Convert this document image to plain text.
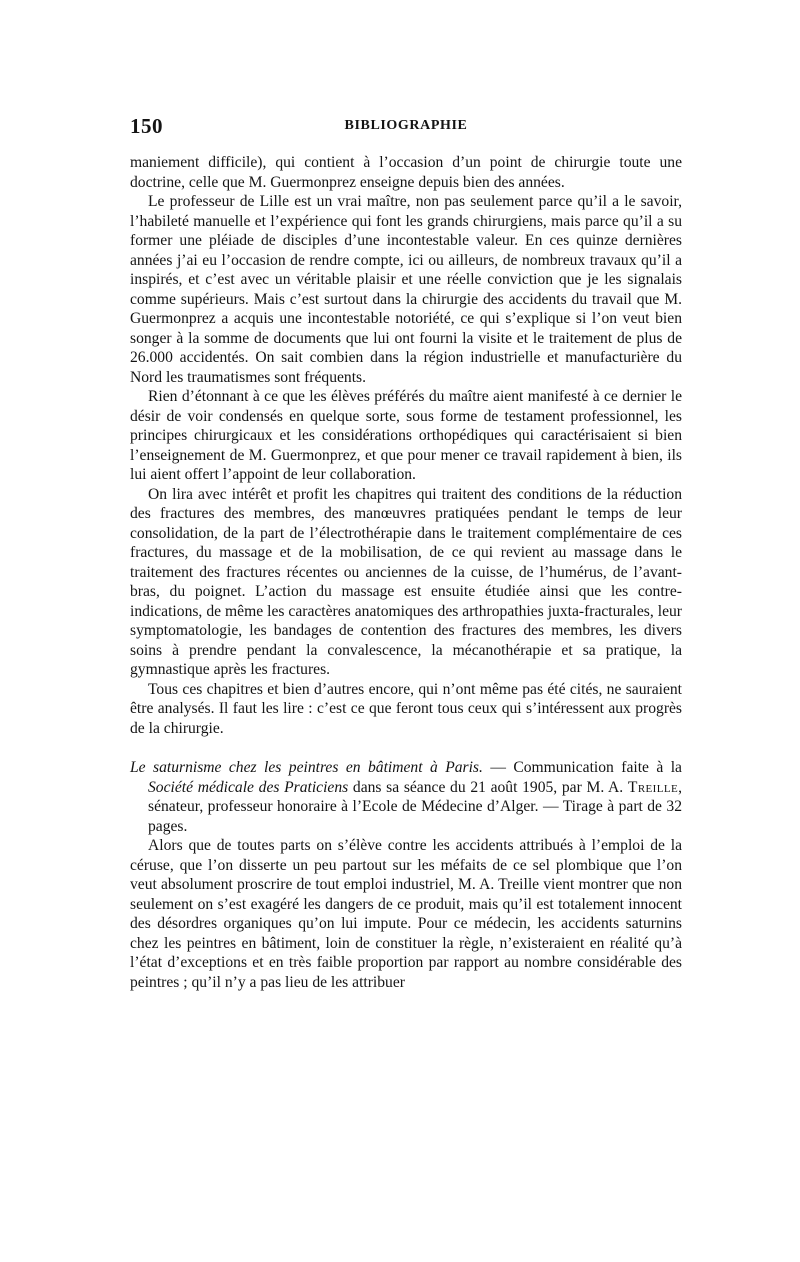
150	BIBLIOGRAPHIE

maniement difficile), qui contient à l’occasion d’un point de chirurgie toute une doctrine, celle que M. Guermonprez enseigne depuis bien des années.

Le professeur de Lille est un vrai maître, non pas seulement parce qu’il a le savoir, l’habileté manuelle et l’expérience qui font les grands chirurgiens, mais parce qu’il a su former une pléiade de disciples d’une incontestable valeur. En ces quinze dernières années j’ai eu l’occasion de rendre compte, ici ou ailleurs, de nombreux travaux qu’il a inspirés, et c’est avec un véritable plaisir et une réelle conviction que je les signalais comme supérieurs. Mais c’est surtout dans la chirurgie des accidents du travail que M. Guermonprez a acquis une incontestable notoriété, ce qui s’explique si l’on veut bien songer à la somme de documents que lui ont fourni la visite et le traitement de plus de 26.000 accidentés. On sait combien dans la région industrielle et manufacturière du Nord les traumatismes sont fréquents.

Rien d’étonnant à ce que les élèves préférés du maître aient manifesté à ce dernier le désir de voir condensés en quelque sorte, sous forme de testament professionnel, les principes chirurgicaux et les considérations orthopédiques qui caractérisaient si bien l’enseignement de M. Guermonprez, et que pour mener ce travail rapidement à bien, ils lui aient offert l’appoint de leur collaboration.

On lira avec intérêt et profit les chapitres qui traitent des conditions de la réduction des fractures des membres, des manœuvres pratiquées pendant le temps de leur consolidation, de la part de l’électrothérapie dans le traitement complémentaire de ces fractures, du massage et de la mobilisation, de ce qui revient au massage dans le traitement des fractures récentes ou anciennes de la cuisse, de l’humérus, de l’avant-bras, du poignet. L’action du massage est ensuite étudiée ainsi que les contre-indications, de même les caractères anatomiques des arthropathies juxta-fracturales, leur symptomatologie, les bandages de contention des fractures des membres, les divers soins à prendre pendant la convalescence, la mécanothérapie et sa pratique, la gymnastique après les fractures.

Tous ces chapitres et bien d’autres encore, qui n’ont même pas été cités, ne sauraient être analysés. Il faut les lire : c’est ce que feront tous ceux qui s’intéressent aux progrès de la chirurgie.

Le saturnisme chez les peintres en bâtiment à Paris. — Communication faite à la Société médicale des Praticiens dans sa séance du 21 août 1905, par M. A. Treille, sénateur, professeur honoraire à l’Ecole de Médecine d’Alger. — Tirage à part de 32 pages.

Alors que de toutes parts on s’élève contre les accidents attribués à l’emploi de la céruse, que l’on disserte un peu partout sur les méfaits de ce sel plombique que l’on veut absolument proscrire de tout emploi industriel, M. A. Treille vient montrer que non seulement on s’est exagéré les dangers de ce produit, mais qu’il est totalement innocent des désordres organiques qu’on lui impute. Pour ce médecin, les accidents saturnins chez les peintres en bâtiment, loin de constituer la règle, n’existeraient en réalité qu’à l’état d’exceptions et en très faible proportion par rapport au nombre considérable des peintres ; qu’il n’y a pas lieu de les attribuer
